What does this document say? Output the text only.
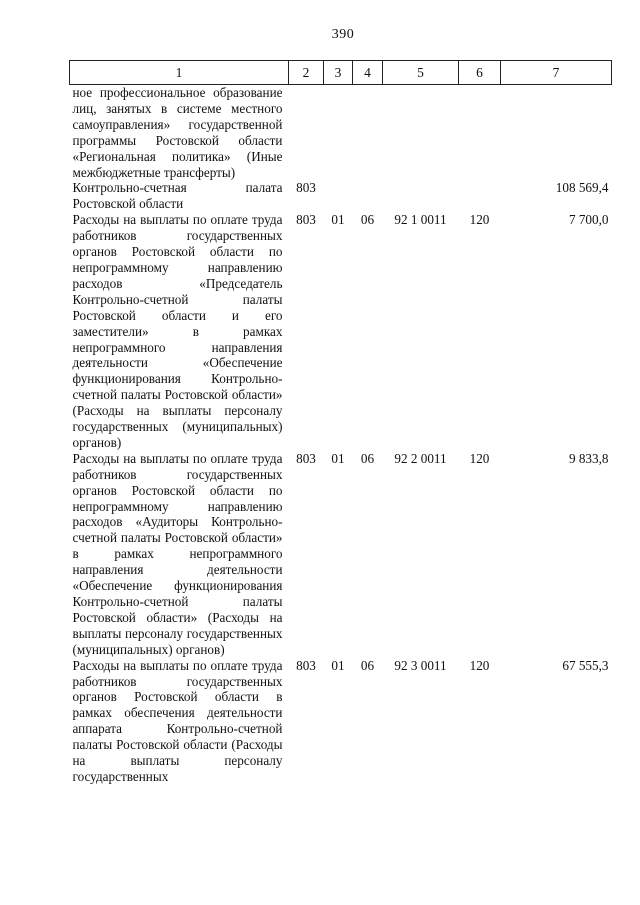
390
1	2	3	4	5	6	7
ное профессиональное образование лиц, занятых в системе местного самоуправления» государственной программы Ростовской области «Региональная политика» (Иные межбюджетные трансферты)						
Контрольно-счетная палата Ростовской области	803					108 569,4
Расходы на выплаты по оплате труда работников государственных органов Ростовской области по непрограммному направлению расходов «Председатель Контрольно-счетной палаты Ростовской области и его заместители» в рамках непрограммного направления деятельности «Обеспечение функционирования Контрольно-счетной палаты Ростовской области» (Расходы на выплаты персоналу государственных (муниципальных) органов)	803	01	06	92 1 0011	120	7 700,0
Расходы на выплаты по оплате труда работников государственных органов Ростовской области по непрограммному направлению расходов «Аудиторы Контрольно-счетной палаты Ростовской области» в рамках непрограммного направления деятельности «Обеспечение функционирования Контрольно-счетной палаты Ростовской области» (Расходы на выплаты персоналу государственных (муниципальных) органов)	803	01	06	92 2 0011	120	9 833,8
Расходы на выплаты по оплате труда работников государственных органов Ростовской области в рамках обеспечения деятельности аппарата Контрольно-счетной палаты Ростовской области (Расходы на выплаты персоналу государственных	803	01	06	92 3 0011	120	67 555,3
